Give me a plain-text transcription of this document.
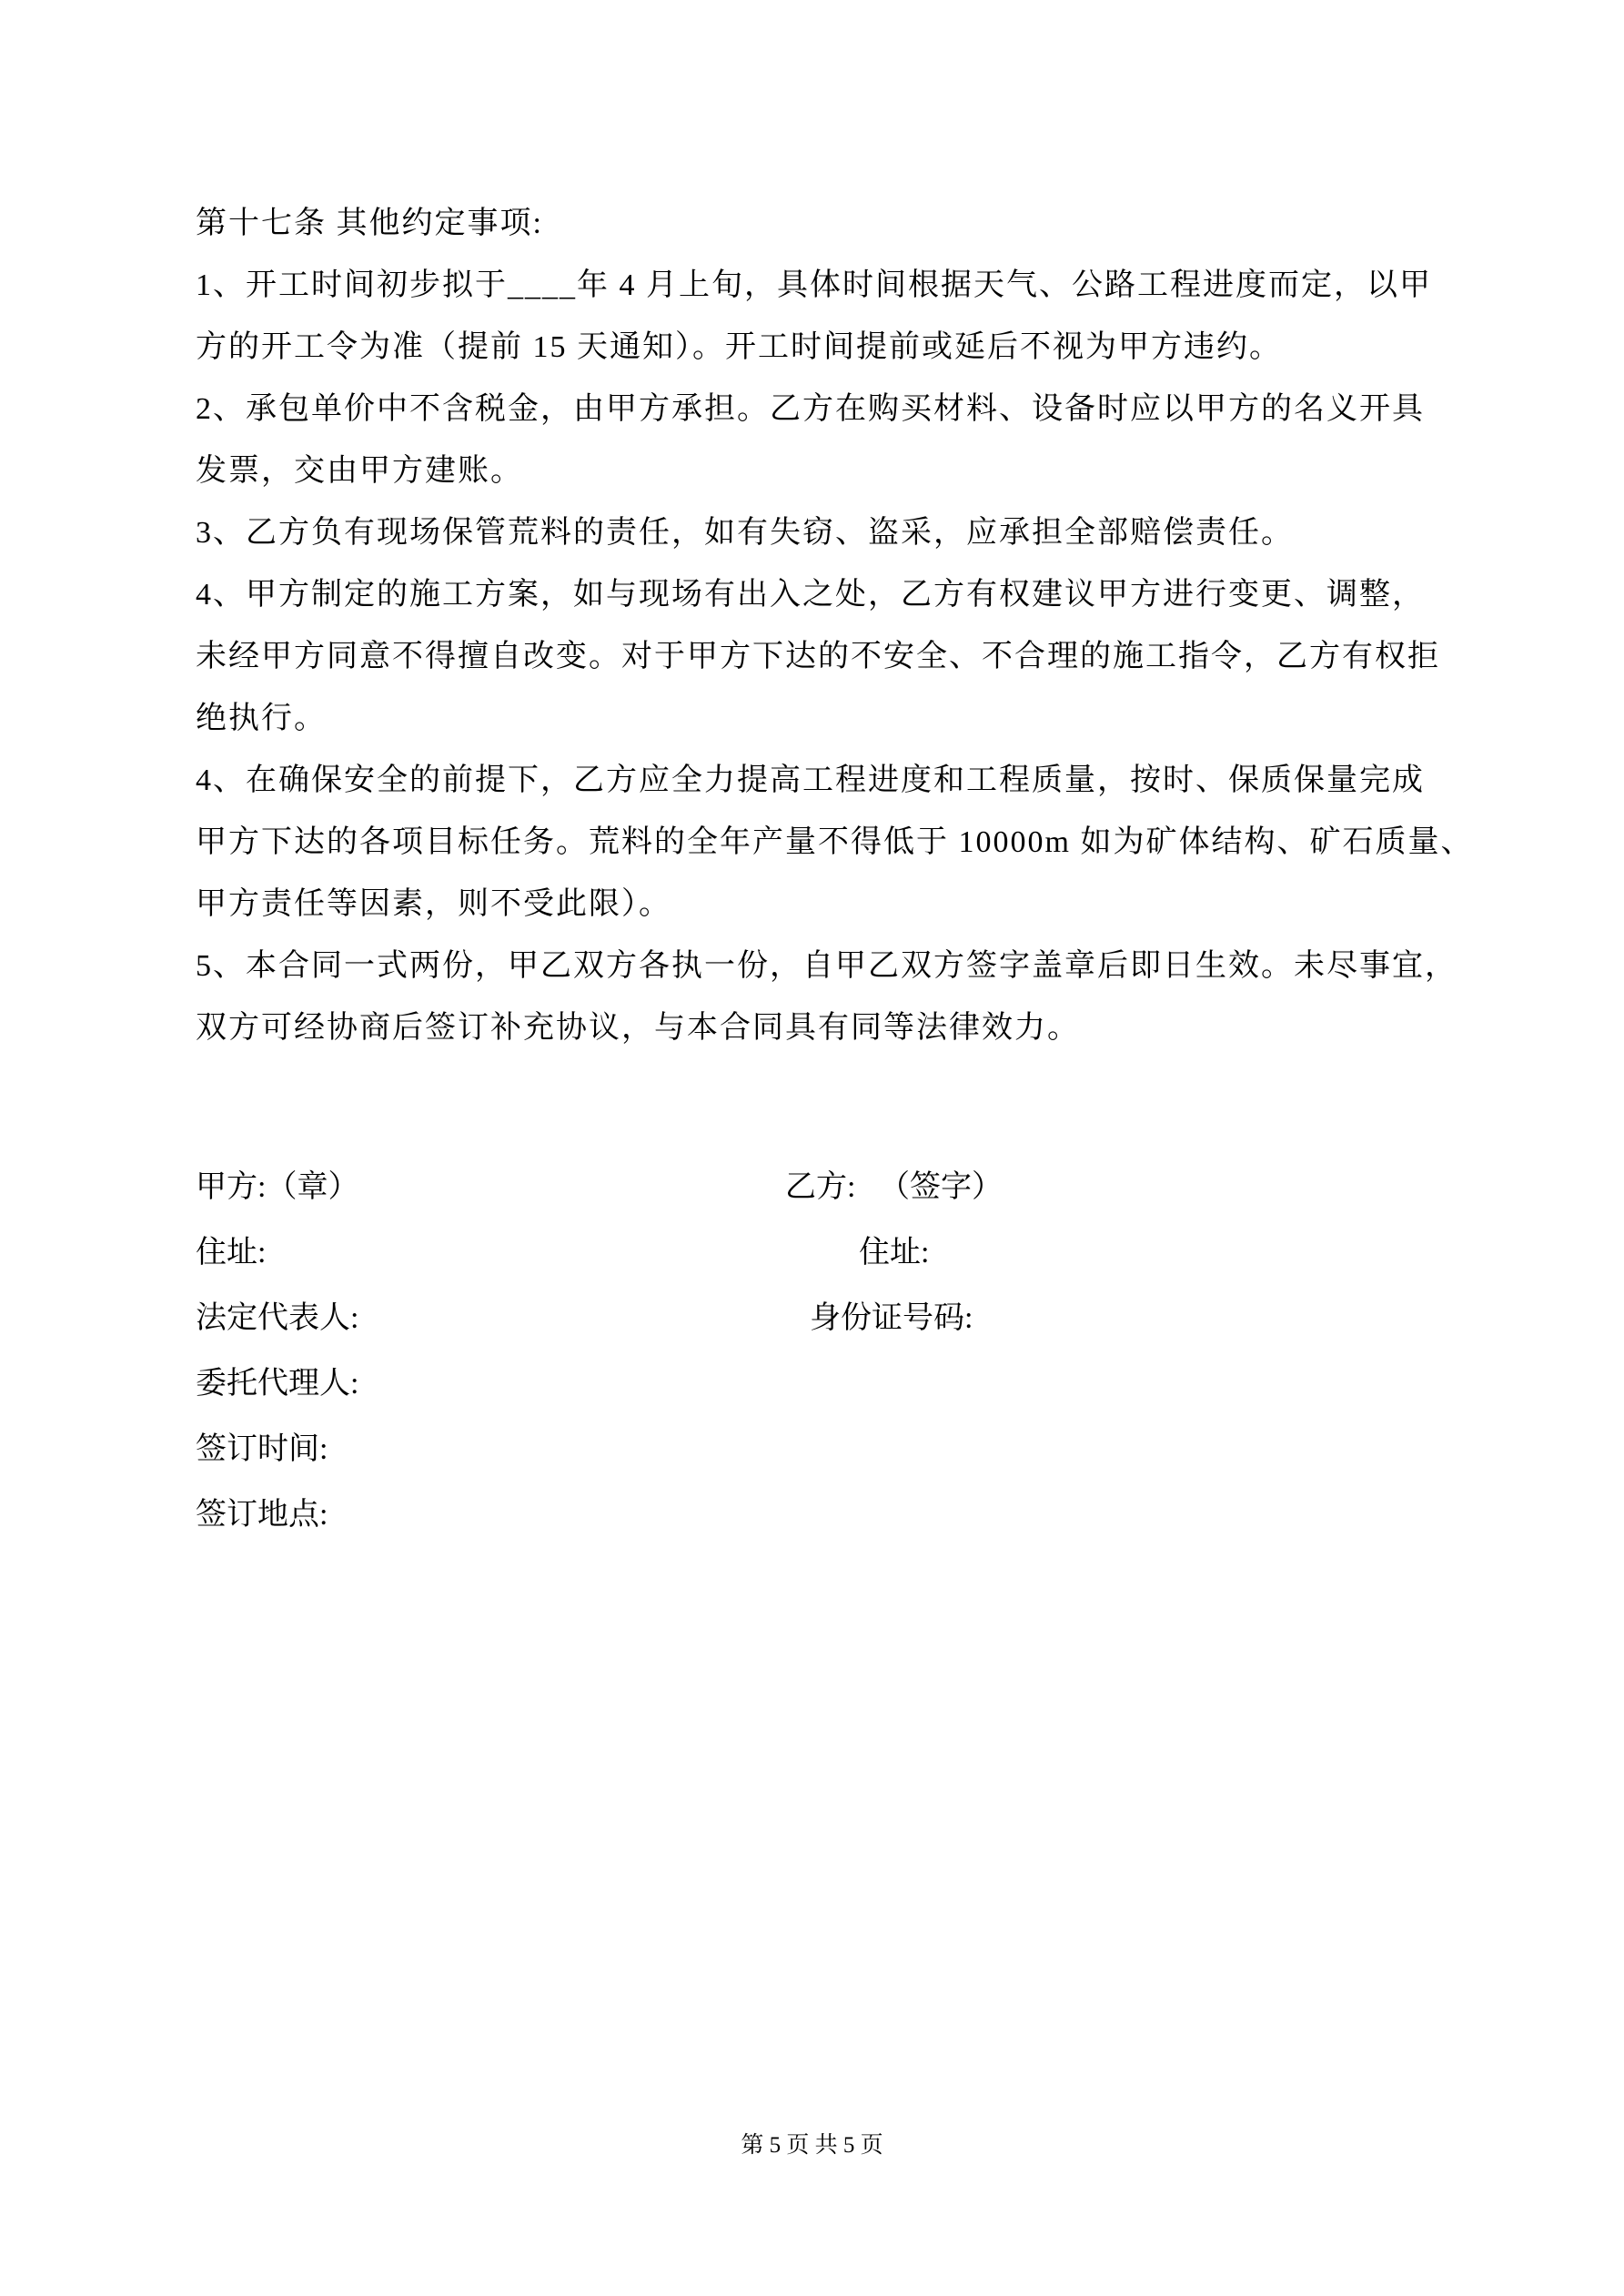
第十七条 其他约定事项:
1、开工时间初步拟于____年 4 月上旬，具体时间根据天气、公路工程进度而定，以甲
方的开工令为准（提前 15 天通知）。开工时间提前或延后不视为甲方违约。
2、承包单价中不含税金，由甲方承担。乙方在购买材料、设备时应以甲方的名义开具
发票，交由甲方建账。
3、乙方负有现场保管荒料的责任，如有失窃、盗采，应承担全部赔偿责任。
4、甲方制定的施工方案，如与现场有出入之处，乙方有权建议甲方进行变更、调整，
未经甲方同意不得擅自改变。对于甲方下达的不安全、不合理的施工指令，乙方有权拒
绝执行。
4、在确保安全的前提下，乙方应全力提高工程进度和工程质量，按时、保质保量完成
甲方下达的各项目标任务。荒料的全年产量不得低于 10000m 如为矿体结构、矿石质量、
甲方责任等因素，则不受此限）。
5、本合同一式两份，甲乙双方各执一份，自甲乙双方签字盖章后即日生效。未尽事宜，
双方可经协商后签订补充协议，与本合同具有同等法律效力。
甲方:（章）	乙方:   （签字）
住址:	住址:
法定代表人:	身份证号码:
委托代理人:
签订时间:
签订地点:
第 5 页 共 5 页
